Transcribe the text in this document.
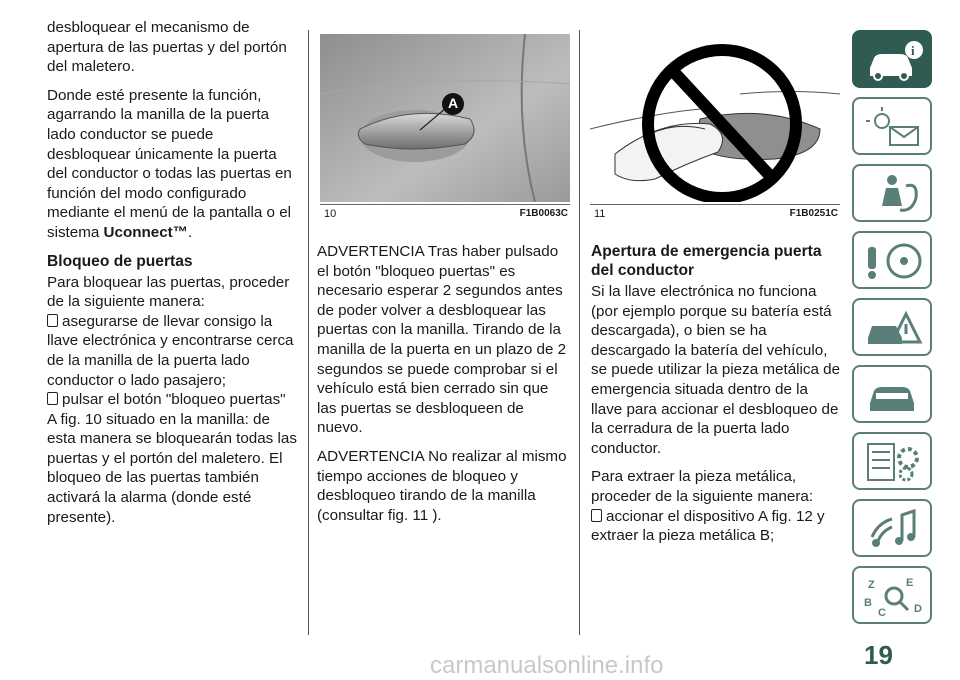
desbloquear el mecanismo de apertura de las puertas y del portón del maletero.

Donde esté presente la función, agarrando la manilla de la puerta lado conductor se puede desbloquear únicamente la puerta del conductor o todas las puertas en función del modo configurado mediante el menú de la pantalla o el sistema Uconnect™.

Bloqueo de puertas

Para bloquear las puertas, proceder de la siguiente manera:

asegurarse de llevar consigo la llave electrónica y encontrarse cerca de la manilla de la puerta lado conductor o lado pasajero;
pulsar el botón "bloqueo puertas" A fig. 10 situado en la manilla: de esta manera se bloquearán todas las puertas y el portón del maletero. El bloqueo de las puertas también activará la alarma (donde esté presente).
A
10	F1B0063C 11	F1B0251C

ADVERTENCIA Tras haber pulsado el botón "bloqueo puertas" es necesario esperar 2 segundos antes de poder volver a desbloquear las puertas con la manilla. Tirando de la manilla de la puerta en un plazo de 2 segundos se puede comprobar si el vehículo está bien cerrado sin que las puertas se desbloqueen de nuevo.

ADVERTENCIA No realizar al mismo tiempo acciones de bloqueo y desbloqueo tirando de la manilla (consultar fig. 11 ).

Apertura de emergencia puerta del conductor

Si la llave electrónica no funciona (por ejemplo porque su batería está descargada), o bien se ha descargado la batería del vehículo, se puede utilizar la pieza metálica de emergencia situada dentro de la llave para accionar el desbloqueo de la cerradura de la puerta lado conductor.

Para extraer la pieza metálica, proceder de la siguiente manera:

accionar el dispositivo A fig. 12 y extraer la pieza metálica B;
i
Z	E
B
C	D
19
carmanualsonline.info
